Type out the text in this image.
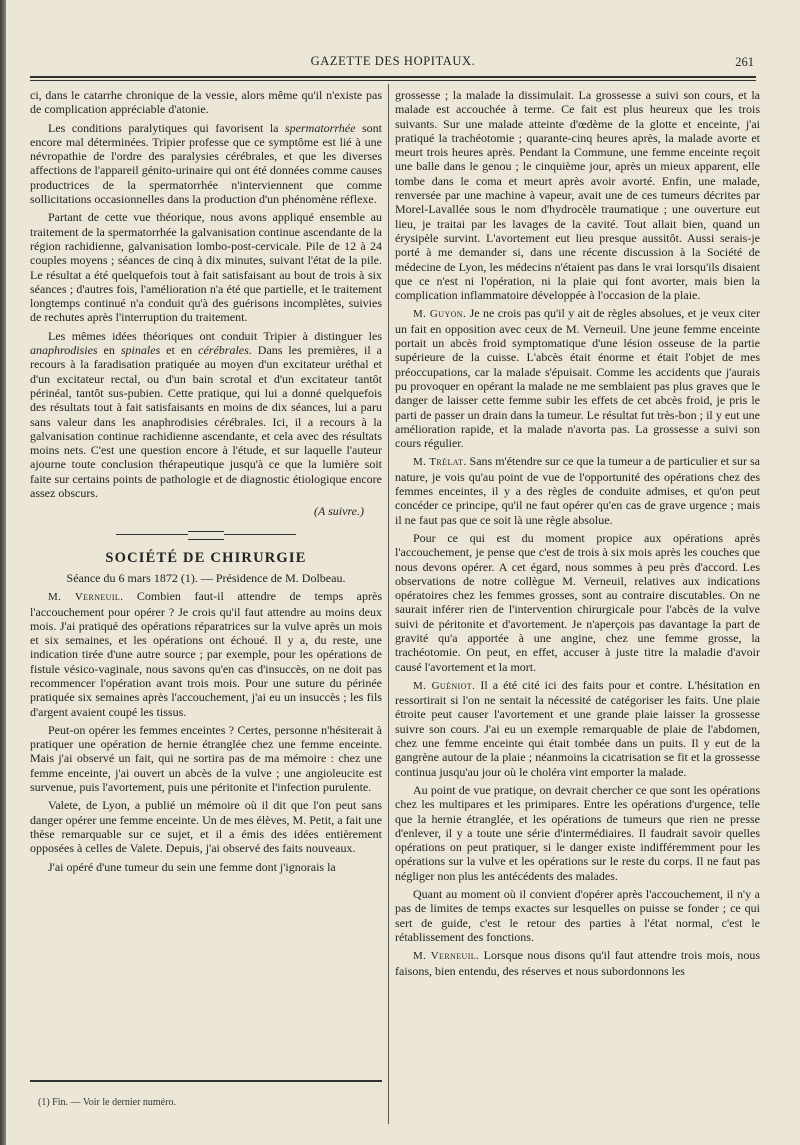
GAZETTE DES HOPITAUX.	261

ci, dans le catarrhe chronique de la vessie, alors même qu'il n'existe pas de complication appréciable d'atonie.

Les conditions paralytiques qui favorisent la spermatorrhée sont encore mal déterminées. Tripier professe que ce symptôme est lié à une névropathie de l'ordre des paralysies cérébrales, et que les diverses affections de l'appareil génito-urinaire qui ont été données comme causes productrices de la spermatorrhée n'interviennent que comme sollicitations occasionnelles dans la production d'un phénomène réflexe.

Partant de cette vue théorique, nous avons appliqué ensemble au traitement de la spermatorrhée la galvanisation continue ascendante de la région rachidienne, galvanisation lombo-post-cervicale. Pile de 12 à 24 couples moyens ; séances de cinq à dix minutes, suivant l'état de la pile. Le résultat a été quelquefois tout à fait satisfaisant au bout de trois à six séances ; d'autres fois, l'amélioration n'a été que partielle, et le traitement longtemps continué n'a conduit qu'à des guérisons incomplètes, suivies de rechutes après l'interruption du traitement.

Les mêmes idées théoriques ont conduit Tripier à distinguer les anaphrodisies en spinales et en cérébrales. Dans les premières, il a recours à la faradisation pratiquée au moyen d'un excitateur uréthal et d'un excitateur rectal, ou d'un bain scrotal et d'un excitateur tantôt périnéal, tantôt sus-pubien. Cette pratique, qui lui a donné quelquefois des résultats tout à fait satisfaisants en moins de dix séances, lui a paru sans valeur dans les anaphrodisies cérébrales. Ici, il a recours à la galvanisation continue rachidienne ascendante, et cela avec des résultats moins nets. C'est une question encore à l'étude, et sur laquelle l'auteur ajourne toute conclusion thérapeutique jusqu'à ce que la lumière soit faite sur certains points de pathologie et de diagnostic étiologique encore assez obscurs.

(A suivre.)
SOCIÉTÉ DE CHIRURGIE

Séance du 6 mars 1872 (1). — Présidence de M. Dolbeau.

M. Verneuil. Combien faut-il attendre de temps après l'accouchement pour opérer ? Je crois qu'il faut attendre au moins deux mois. J'ai pratiqué des opérations réparatrices sur la vulve après un mois et six semaines, et les opérations ont échoué. Il y a, du reste, une indication tirée d'une autre source ; par exemple, pour les opérations de fistule vésico-vaginale, nous savons qu'en cas d'insuccès, on ne doit pas recommencer l'opération avant trois mois. Pour une suture du périnée pratiquée six semaines après l'accouchement, j'ai eu un insuccès ; les fils d'argent avaient coupé les tissus.

Peut-on opérer les femmes enceintes ? Certes, personne n'hésiterait à pratiquer une opération de hernie étranglée chez une femme enceinte. Mais j'ai observé un fait, qui ne sortira pas de ma mémoire : chez une femme enceinte, j'ai ouvert un abcès de la vulve ; une angioleucite est survenue, puis l'avortement, puis une péritonite et l'infection purulente.

Valete, de Lyon, a publié un mémoire où il dit que l'on peut sans danger opérer une femme enceinte. Un de mes élèves, M. Petit, a fait une thèse remarquable sur ce sujet, et il a émis des idées entièrement opposées à celles de Valete. Depuis, j'ai observé des faits nouveaux.

J'ai opéré d'une tumeur du sein une femme dont j'ignorais la

grossesse ; la malade la dissimulait. La grossesse a suivi son cours, et la malade est accouchée à terme. Ce fait est plus heureux que les trois suivants. Sur une malade atteinte d'œdème de la glotte et enceinte, j'ai pratiqué la trachéotomie ; quarante-cinq heures après, la malade avorte et meurt trois heures après. Pendant la Commune, une femme enceinte reçoit une balle dans le genou ; le cinquième jour, après un mieux apparent, elle tombe dans le coma et meurt après avoir avorté. Enfin, une malade, renversée par une machine à vapeur, avait une de ces tumeurs décrites par Morel-Lavallée sous le nom d'hydrocèle traumatique ; une ouverture eut lieu, je traitai par les lavages de la cavité. Tout allait bien, quand un érysipèle survint. L'avortement eut lieu presque aussitôt. Aussi serais-je porté à me demander si, dans une récente discussion à la Société de médecine de Lyon, les médecins n'étaient pas dans le vrai lorsqu'ils disaient que ce n'est ni l'opération, ni la plaie qui font avorter, mais bien la complication inflammatoire développée à l'occasion de la plaie.

M. Guyon. Je ne crois pas qu'il y ait de règles absolues, et je veux citer un fait en opposition avec ceux de M. Verneuil. Une jeune femme enceinte portait un abcès froid symptomatique d'une lésion osseuse de la partie supérieure de la cuisse. L'abcès était énorme et était l'objet de mes préoccupations, car la malade s'épuisait. Comme les accidents que j'aurais pu provoquer en opérant la malade ne me semblaient pas plus graves que le danger de laisser cette femme subir les effets de cet abcès froid, je pris le parti de passer un drain dans la tumeur. Le résultat fut très-bon ; il y eut une amélioration rapide, et la malade n'avorta pas. La grossesse a suivi son cours régulier.

M. Trélat. Sans m'étendre sur ce que la tumeur a de particulier et sur sa nature, je vois qu'au point de vue de l'opportunité des opérations chez des femmes enceintes, il y a des règles de conduite admises, et qu'on peut concéder ce principe, qu'il ne faut opérer qu'en cas de grave urgence ; mais il ne faut pas que ce soit là une règle absolue.

Pour ce qui est du moment propice aux opérations après l'accouchement, je pense que c'est de trois à six mois après les couches que nous devons opérer. A cet égard, nous sommes à peu près d'accord. Les observations de notre collègue M. Verneuil, relatives aux indications opératoires chez les femmes grosses, sont au contraire discutables. On ne saurait inférer rien de l'intervention chirurgicale pour l'abcès de la vulve suivi de péritonite et d'avortement. Je n'aperçois pas davantage la part de gravité qu'a apportée à une angine, chez une femme grosse, la trachéotomie. On peut, en effet, accuser à juste titre la maladie d'avoir causé l'avortement et la mort.

M. Guéniot. Il a été cité ici des faits pour et contre. L'hésitation en ressortirait si l'on ne sentait la nécessité de catégoriser les faits. Une plaie étroite peut causer l'avortement et une grande plaie laisser la grossesse suivre son cours. J'ai eu un exemple remarquable de plaie de l'abdomen, chez une femme enceinte qui était tombée dans un puits. Il y eut de la gangrène autour de la plaie ; néanmoins la cicatrisation se fit et la grossesse continua jusqu'au jour où le choléra vint emporter la malade.

Au point de vue pratique, on devrait chercher ce que sont les opérations chez les multipares et les primipares. Entre les opérations d'urgence, telle que la hernie étranglée, et les opérations de tumeurs que rien ne presse d'enlever, il y a toute une série d'intermédiaires. Il faudrait savoir quelles opérations on peut pratiquer, si le danger existe indifféremment pour les opérations sur la vulve et les opérations sur le reste du corps. Il ne faut pas négliger non plus les antécédents des malades.

Quant au moment où il convient d'opérer après l'accouchement, il n'y a pas de limites de temps exactes sur lesquelles on puisse se fonder ; ce qui sert de guide, c'est le retour des parties à l'état normal, c'est le rétablissement des fonctions.

M. Verneuil. Lorsque nous disons qu'il faut attendre trois mois, nous faisons, bien entendu, des réserves et nous subordonnons les

(1) Fin. — Voir le dernier numéro.
